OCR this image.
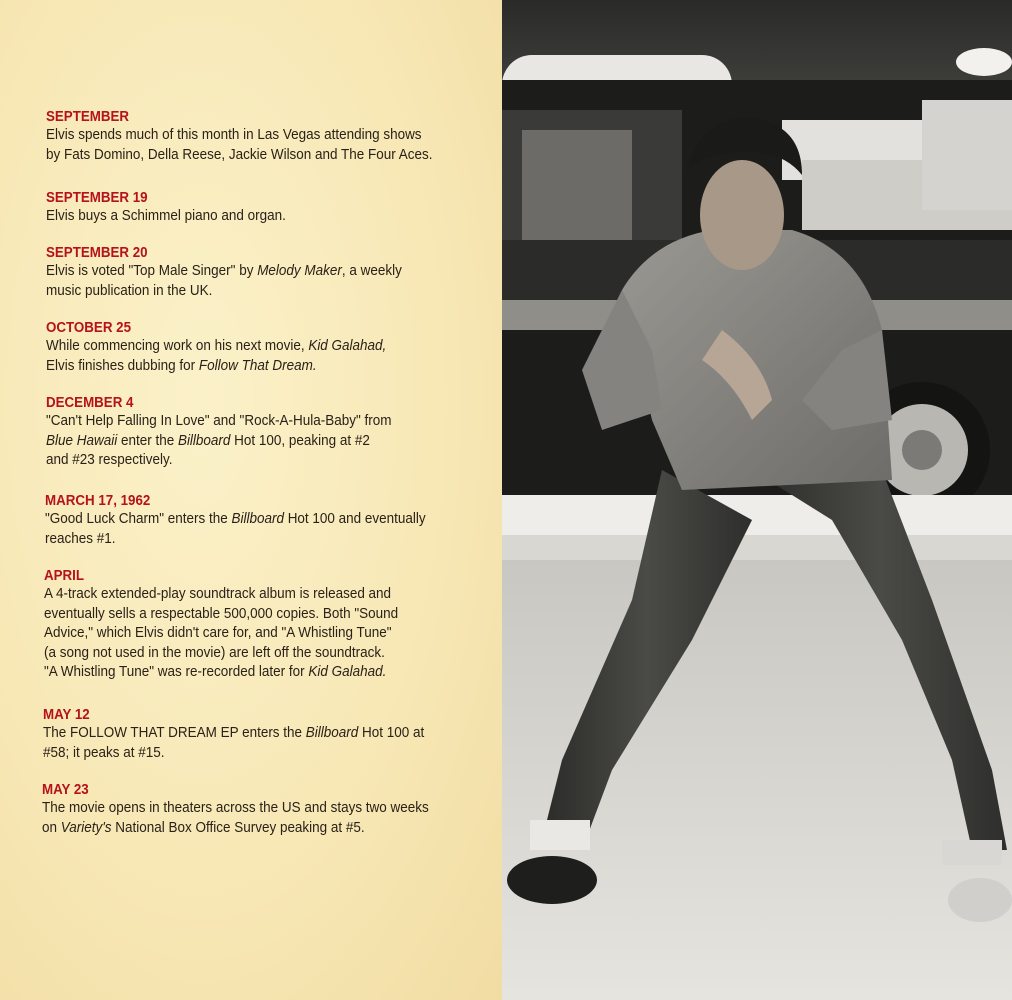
SEPTEMBER
Elvis spends much of this month in Las Vegas attending shows
by Fats Domino, Della Reese, Jackie Wilson and The Four Aces.
SEPTEMBER 19
Elvis buys a Schimmel piano and organ.
SEPTEMBER 20
Elvis is voted "Top Male Singer" by Melody Maker, a weekly
music publication in the UK.
OCTOBER 25
While commencing work on his next movie, Kid Galahad,
Elvis finishes dubbing for Follow That Dream.
DECEMBER 4
"Can't Help Falling In Love" and "Rock-A-Hula-Baby" from
Blue Hawaii enter the Billboard Hot 100, peaking at #2
and #23 respectively.
MARCH 17, 1962
"Good Luck Charm" enters the Billboard Hot 100 and eventually
reaches #1.
APRIL
A 4-track extended-play soundtrack album is released and
eventually sells a respectable 500,000 copies. Both "Sound
Advice," which Elvis didn't care for, and "A Whistling Tune"
(a song not used in the movie) are left off the soundtrack.
"A Whistling Tune" was re-recorded later for Kid Galahad.
MAY 12
The FOLLOW THAT DREAM EP enters the Billboard Hot 100 at
#58; it peaks at #15.
MAY 23
The movie opens in theaters across the US and stays two weeks
on Variety's National Box Office Survey peaking at #5.
